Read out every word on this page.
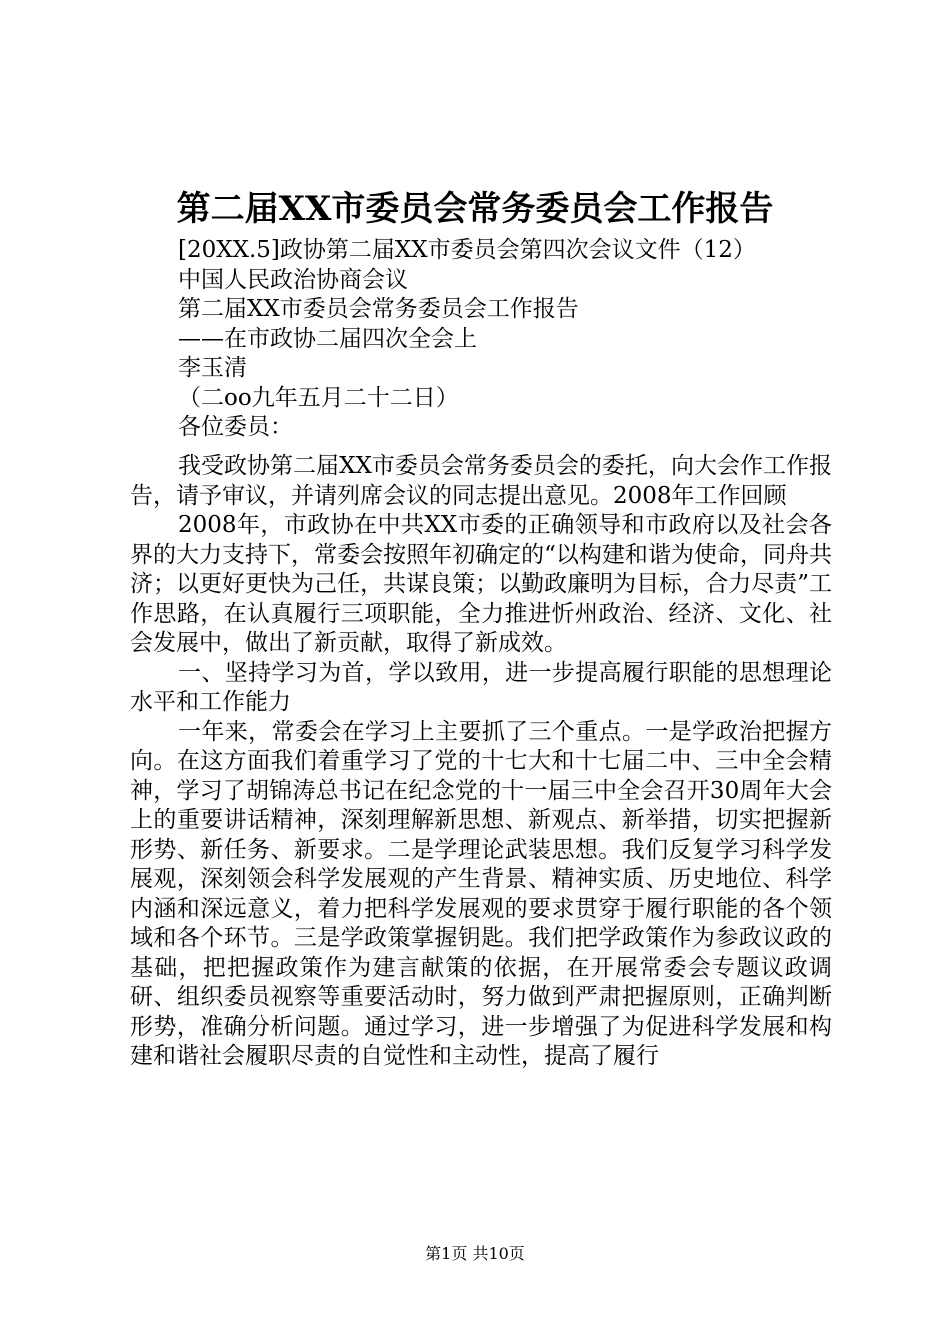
第二届XX市委员会常务委员会工作报告
[20XX.5]政协第二届XX市委员会第四次会议文件（12）
中国人民政治协商会议
第二届XX市委员会常务委员会工作报告
——在市政协二届四次全会上
李玉清
（二oo九年五月二十二日）
各位委员：

我受政协第二届XX市委员会常务委员会的委托，向大会作工作报告，请予审议，并请列席会议的同志提出意见。2008年工作回顾

2008年，市政协在中共XX市委的正确领导和市政府以及社会各界的大力支持下，常委会按照年初确定的“以构建和谐为使命，同舟共济；以更好更快为己任，共谋良策；以勤政廉明为目标，合力尽责”工作思路，在认真履行三项职能，全力推进忻州政治、经济、文化、社会发展中，做出了新贡献，取得了新成效。

一、坚持学习为首，学以致用，进一步提高履行职能的思想理论水平和工作能力

一年来，常委会在学习上主要抓了三个重点。一是学政治把握方向。在这方面我们着重学习了党的十七大和十七届二中、三中全会精神，学习了胡锦涛总书记在纪念党的十一届三中全会召开30周年大会上的重要讲话精神，深刻理解新思想、新观点、新举措，切实把握新形势、新任务、新要求。二是学理论武装思想。我们反复学习科学发展观，深刻领会科学发展观的产生背景、精神实质、历史地位、科学内涵和深远意义，着力把科学发展观的要求贯穿于履行职能的各个领域和各个环节。三是学政策掌握钥匙。我们把学政策作为参政议政的基础，把把握政策作为建言献策的依据，在开展常委会专题议政调研、组织委员视察等重要活动时，努力做到严肃把握原则，正确判断形势，准确分析问题。通过学习，进一步增强了为促进科学发展和构建和谐社会履职尽责的自觉性和主动性，提高了履行

第1页 共10页
